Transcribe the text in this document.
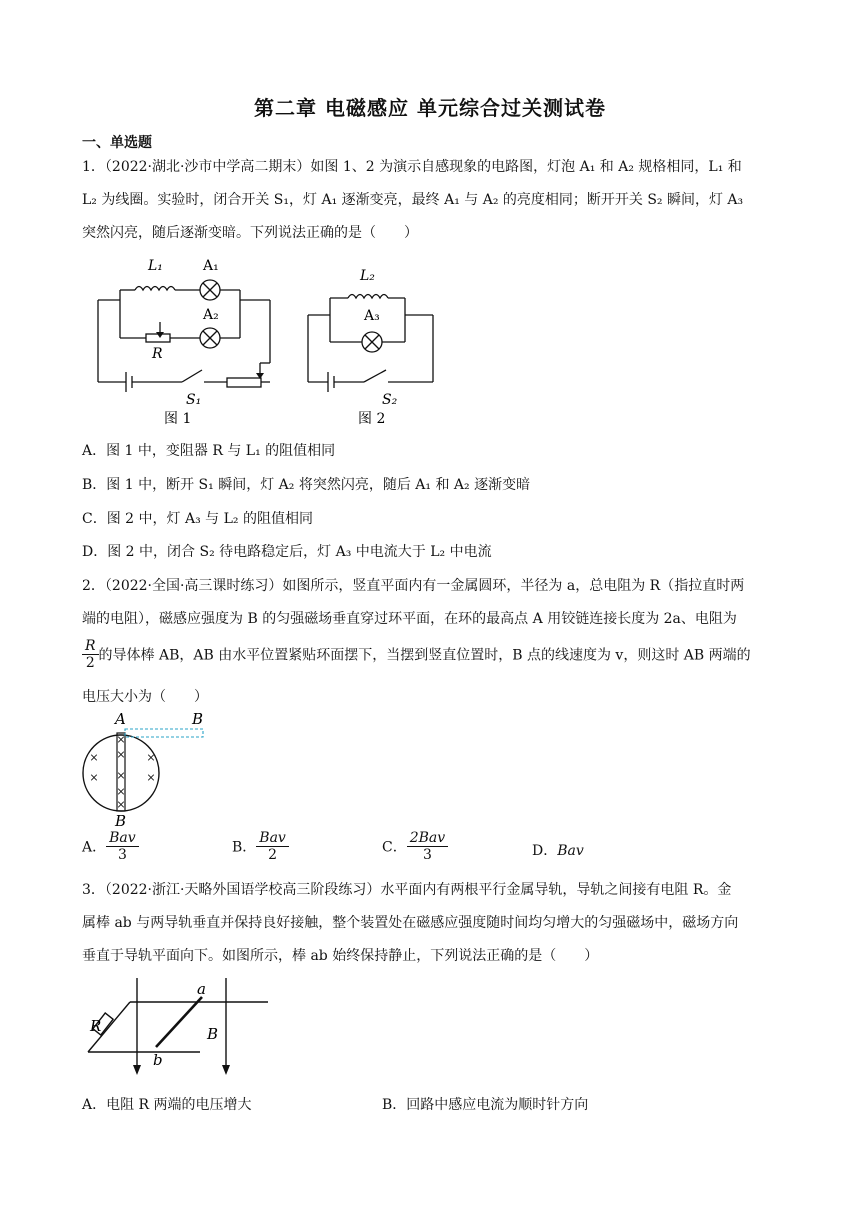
第二章 电磁感应 单元综合过关测试卷
一、单选题
1．（2022·湖北·沙市中学高二期末）如图 1、2 为演示自感现象的电路图，灯泡 A₁ 和 A₂ 规格相同，L₁ 和
L₂ 为线圈。实验时，闭合开关 S₁，灯 A₁ 逐渐变亮，最终 A₁ 与 A₂ 的亮度相同；断开开关 S₂ 瞬间，灯 A₃
突然闪亮，随后逐渐变暗。下列说法正确的是（　　）
L₁	A₁
A₂
R
S₁
图 1
L₂
A₃
S₂
图 2
A．图 1 中，变阻器 R 与 L₁ 的阻值相同
B．图 1 中，断开 S₁ 瞬间，灯 A₂ 将突然闪亮，随后 A₁ 和 A₂ 逐渐变暗
C．图 2 中，灯 A₃ 与 L₂ 的阻值相同
D．图 2 中，闭合 S₂ 待电路稳定后，灯 A₃ 中电流大于 L₂ 中电流
2．（2022·全国·高三课时练习）如图所示，竖直平面内有一金属圆环，半径为 a，总电阻为 R（指拉直时两
端的电阻），磁感应强度为 B 的匀强磁场垂直穿过环平面，在环的最高点 A 用铰链连接长度为 2a、电阻为
$\frac{R}{2}$ 的导体棒 AB，AB 由水平位置紧贴环面摆下，当摆到竖直位置时，B 点的线速度为 v，则这时 AB 两端的
电压大小为（　　）
×
×
×
×
×
×
×
×
×
A	B
B
A． $\frac{\text{Bav}}{3}$	B． $\frac{\text{Bav}}{2}$	C． $\frac{\text{2Bav}}{3}$	D．Bav
3．（2022·浙江·天略外国语学校高三阶段练习）水平面内有两根平行金属导轨，导轨之间接有电阻 R。金
属棒 ab 与两导轨垂直并保持良好接触，整个装置处在磁感应强度随时间均匀增大的匀强磁场中，磁场方向
垂直于导轨平面向下。如图所示，棒 ab 始终保持静止，下列说法正确的是（　　）
a
b
R	B
A．电阻 R 两端的电压增大	B．回路中感应电流为顺时针方向
